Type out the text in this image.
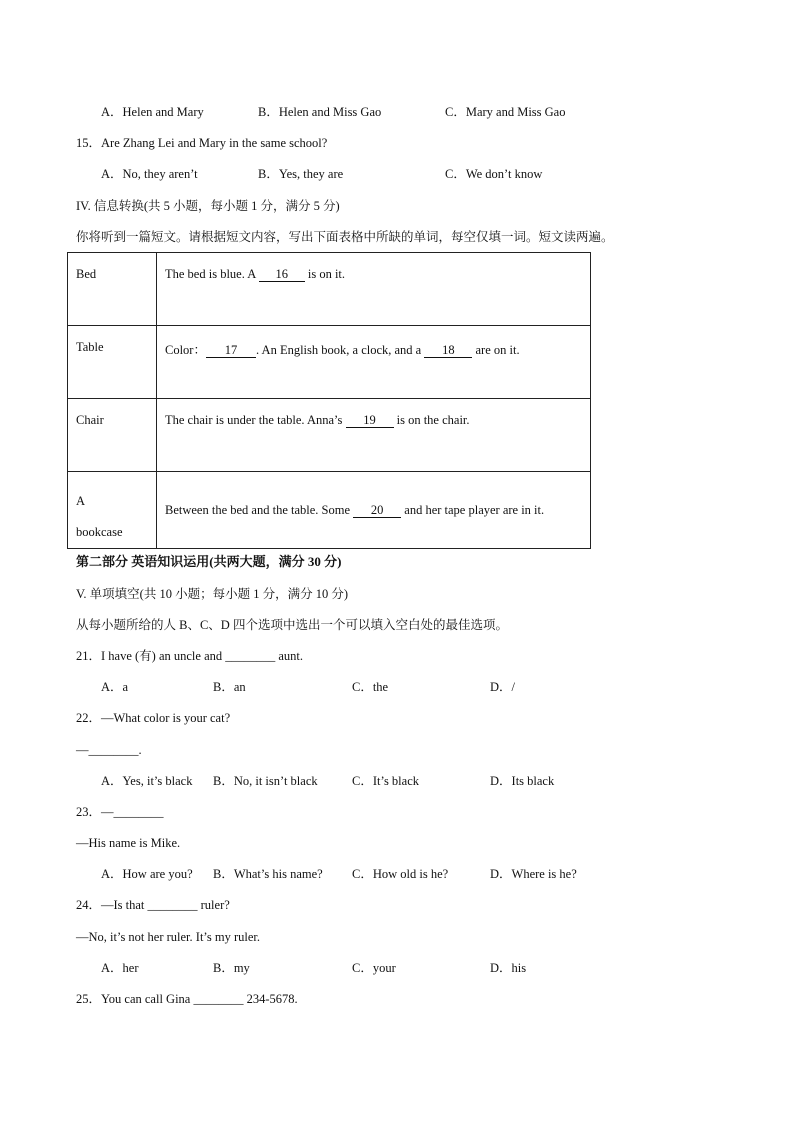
A．Helen and Mary	B．Helen and Miss Gao	C．Mary and Miss Gao
15．Are Zhang Lei and Mary in the same school?
A．No, they aren’t	B．Yes, they are	C．We don’t know
IV. 信息转换(共 5 小题，每小题 1 分，满分 5 分)
你将听到一篇短文。请根据短文内容，写出下面表格中所缺的单词，每空仅填一词。短文读两遍。
Bed	The bed is blue. A 16 is on it.

Table	Color： 17 . An English book, a clock, and a 18 are on it.

Chair	The chair is under the table. Anna’s 19 is on the chair.

A
bookcase	Between the bed and the table. Some 20 and her tape player are in it.
第二部分 英语知识运用(共两大题，满分 30 分)
V. 单项填空(共 10 小题；每小题 1 分，满分 10 分)
从每小题所给的人 B、C、D 四个选项中选出一个可以填入空白处的最佳选项。
21．I have (有) an uncle and ________ aunt.
A．a	B．an	C．the	D．/
22．—What color is your cat?
—________.
A．Yes, it’s black B．No, it isn’t black	C．It’s black	D．Its black
23．—________
—His name is Mike.
A．How are you? B．What’s his name? C．How old is he?	D．Where is he?
24．—Is that ________ ruler?
—No, it’s not her ruler. It’s my ruler.
A．her	B．my	C．your	D．his
25．You can call Gina ________ 234-5678.
